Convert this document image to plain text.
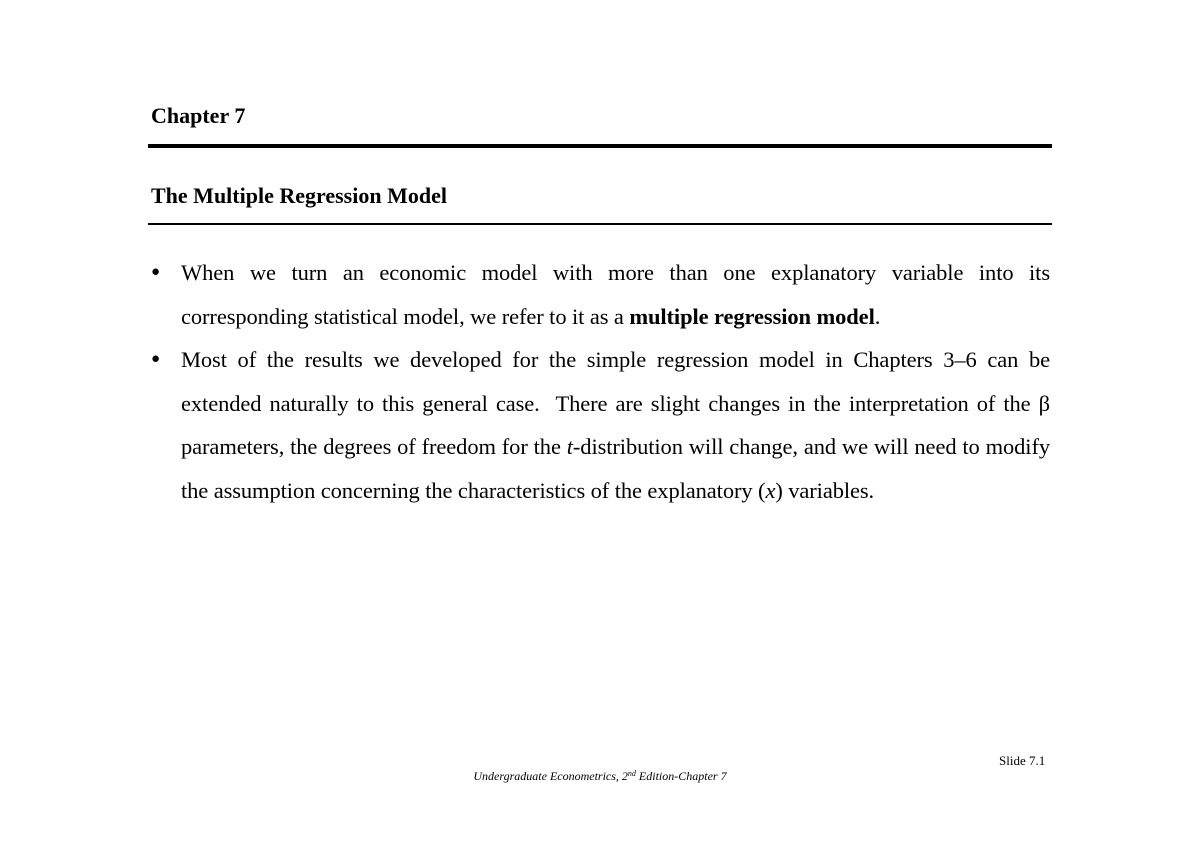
Chapter 7
The Multiple Regression Model
● When we turn an economic model with more than one explanatory variable into its corresponding statistical model, we refer to it as a multiple regression model.
● Most of the results we developed for the simple regression model in Chapters 3–6 can be extended naturally to this general case.  There are slight changes in the interpretation of the β parameters, the degrees of freedom for the t-distribution will change, and we will need to modify the assumption concerning the characteristics of the explanatory (x) variables.
Slide 7.1
Undergraduate Econometrics, 2nd Edition-Chapter 7
